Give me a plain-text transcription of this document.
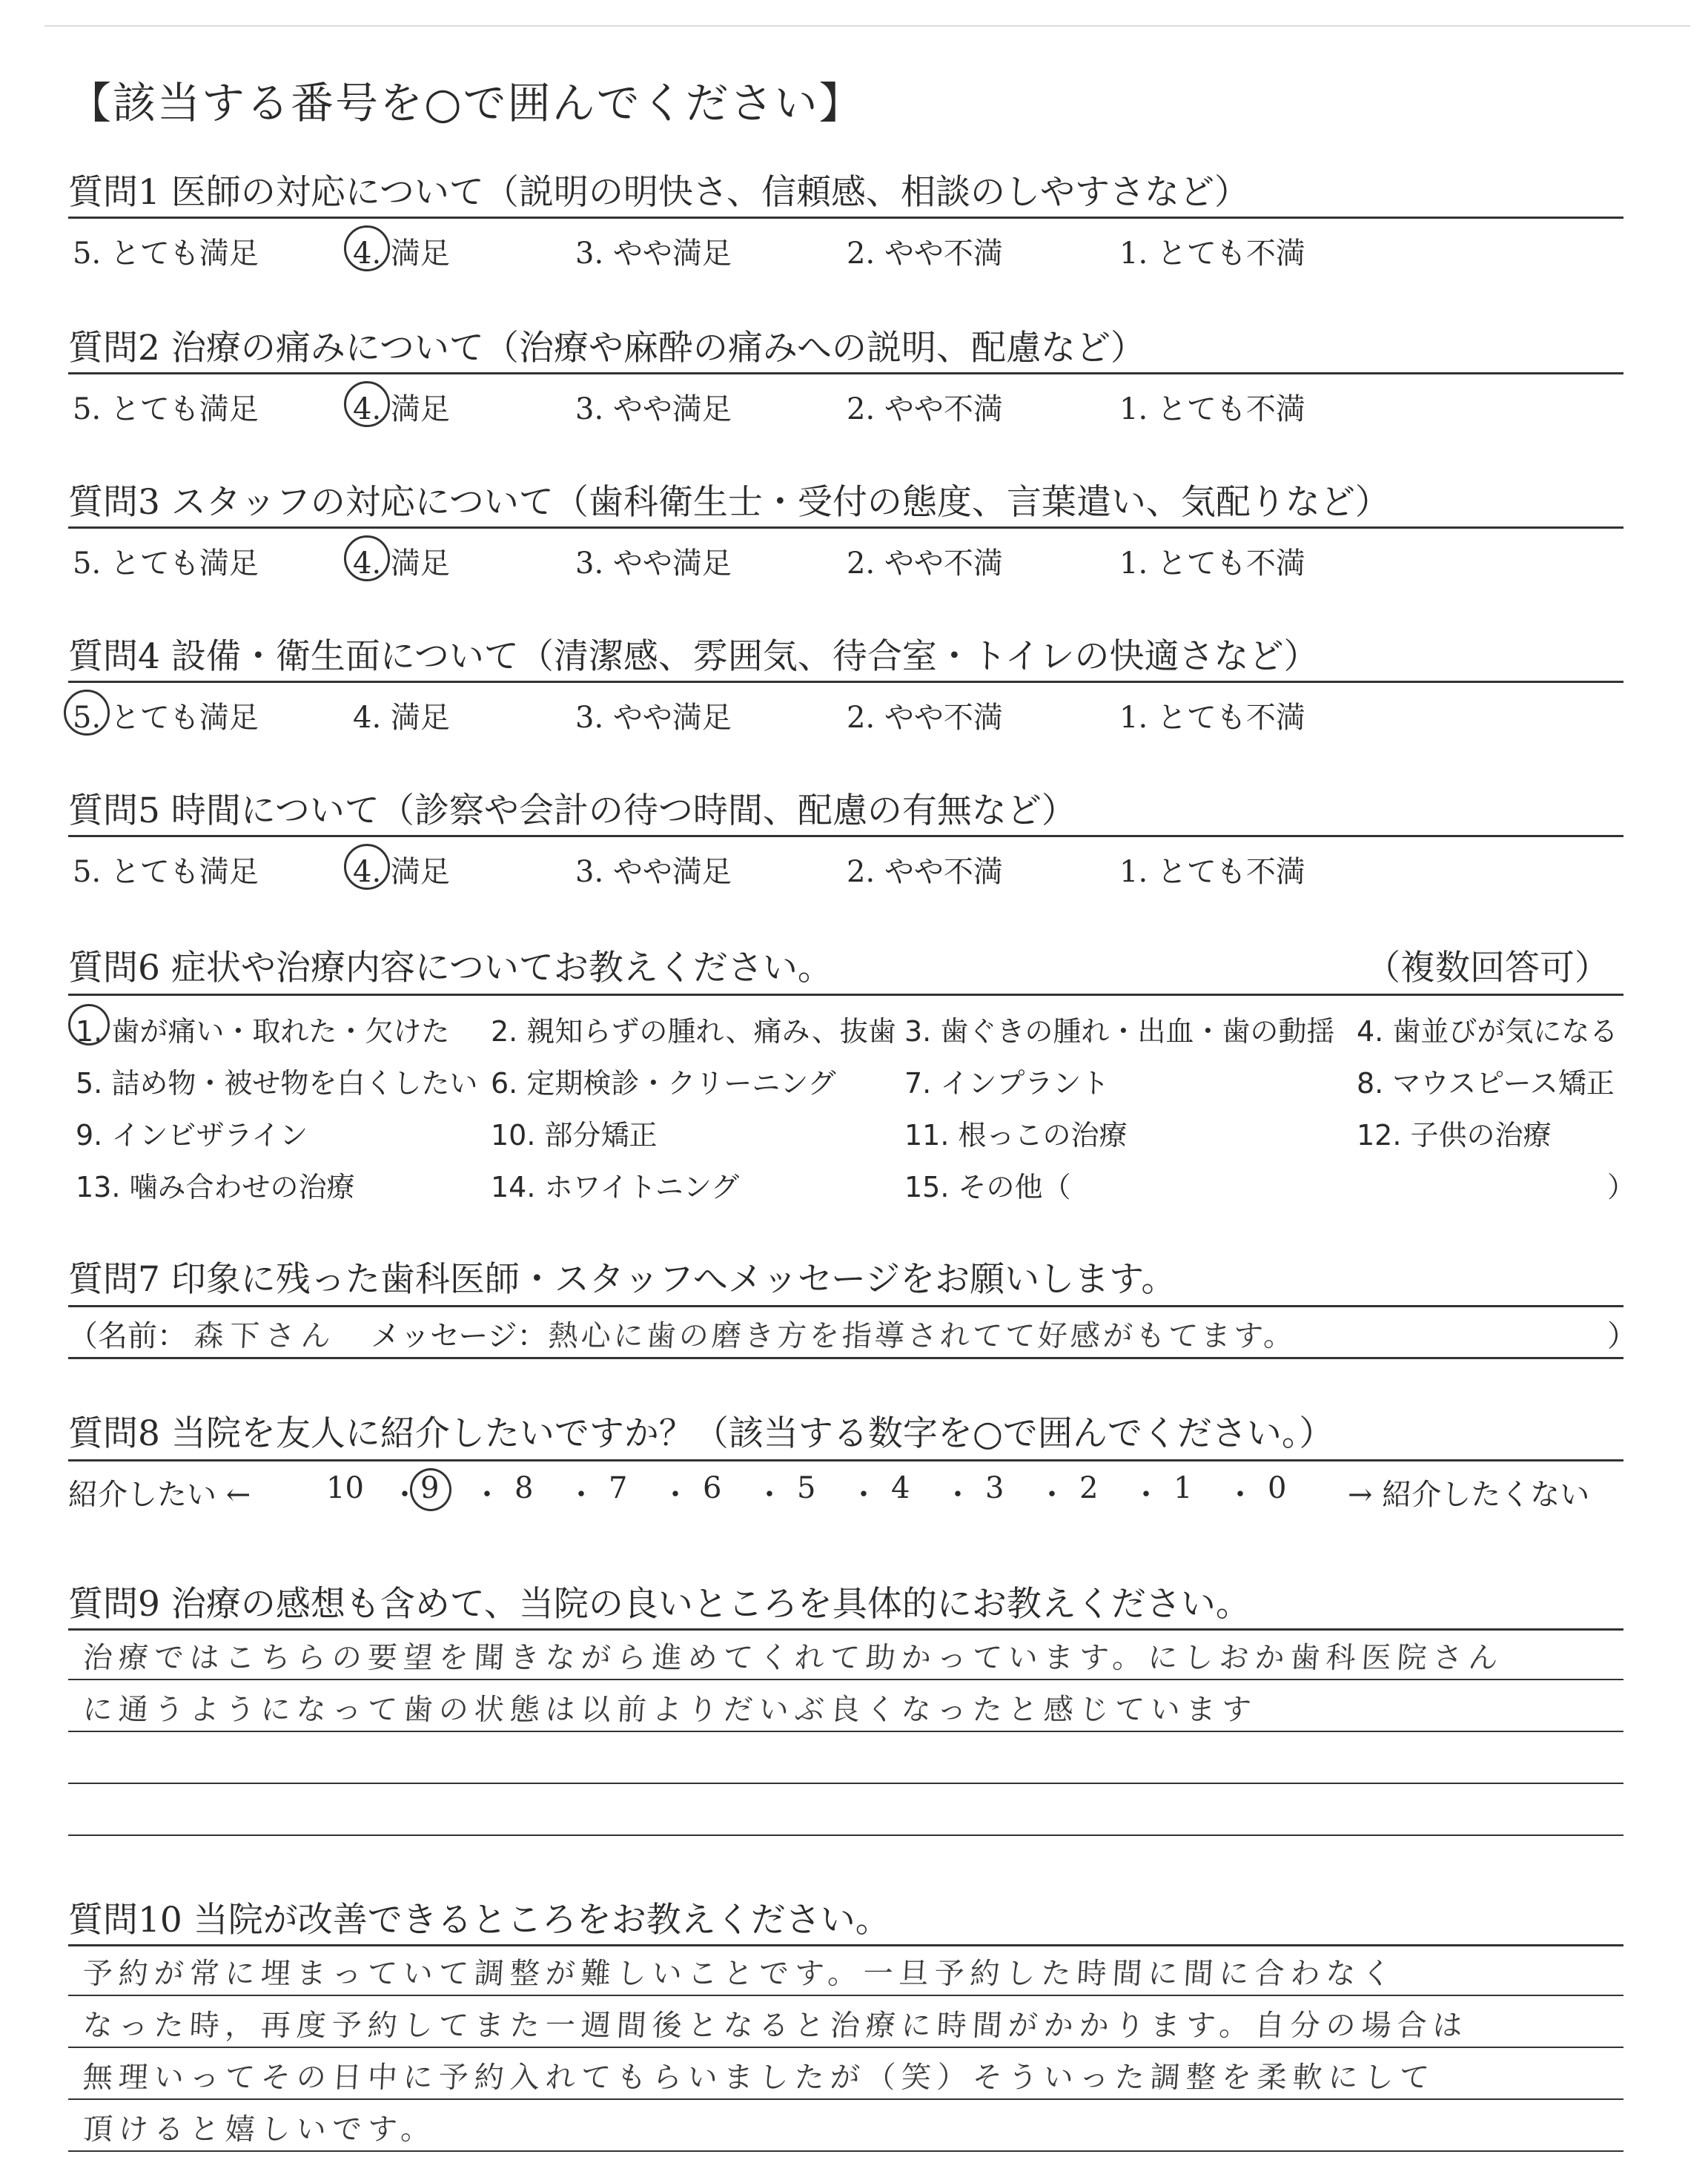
【該当する番号を○で囲んでください】
質問1 医師の対応について（説明の明快さ、信頼感、相談のしやすさなど）
5. とても満足	4. 満足	3. やや満足	2. やや不満	1. とても不満
質問2 治療の痛みについて（治療や麻酔の痛みへの説明、配慮など）
5. とても満足	4. 満足	3. やや満足	2. やや不満	1. とても不満
質問3 スタッフの対応について（歯科衛生士・受付の態度、言葉遣い、気配りなど）
5. とても満足	4. 満足	3. やや満足	2. やや不満	1. とても不満
質問4 設備・衛生面について（清潔感、雰囲気、待合室・トイレの快適さなど）
5. とても満足	4. 満足	3. やや満足	2. やや不満	1. とても不満
質問5 時間について（診察や会計の待つ時間、配慮の有無など）
5. とても満足	4. 満足	3. やや満足	2. やや不満	1. とても不満
質問6 症状や治療内容についてお教えください。	（複数回答可）
1. 歯が痛い・取れた・欠けた 2. 親知らずの腫れ、痛み、抜歯 3. 歯ぐきの腫れ・出血・歯の動揺 4. 歯並びが気になる
5. 詰め物・被せ物を白くしたい 6. 定期検診・クリーニング 7. インプラント	8. マウスピース矯正
9. インビザライン	10. 部分矯正	11. 根っこの治療	12. 子供の治療
13. 噛み合わせの治療	14. ホワイトニング	15. その他（	）
質問7 印象に残った歯科医師・スタッフへメッセージをお願いします。
（名前： 森下さん メッセージ： 熱心に歯の磨き方を指導されてて好感がもてます。	）
質問8 当院を友人に紹介したいですか？（該当する数字を○で囲んでください。）
紹介したい ←	→ 紹介したくない
10 ・ 9 ・ 8 ・ 7 ・ 6 ・ 5 ・ 4 ・ 3 ・ 2 ・ 1 ・ 0
質問9 治療の感想も含めて、当院の良いところを具体的にお教えください。
治療ではこちらの要望を聞きながら進めてくれて助かっています。にしおか歯科医院さん
に通うようになって歯の状態は以前よりだいぶ良くなったと感じています
質問10 当院が改善できるところをお教えください。
予約が常に埋まっていて調整が難しいことです。一旦予約した時間に間に合わなく
なった時，再度予約してまた一週間後となると治療に時間がかかります。自分の場合は
無理いってその日中に予約入れてもらいましたが（笑）そういった調整を柔軟にして
頂けると嬉しいです。
